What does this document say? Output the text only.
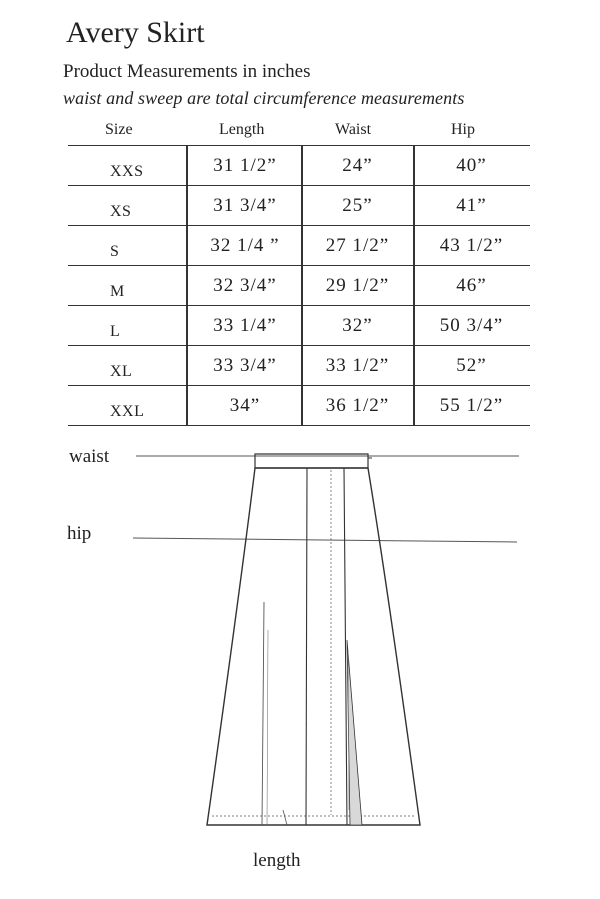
Avery Skirt
Product Measurements in inches
waist and sweep are total circumference measurements
Size	Length	Waist	Hip
XXS	31 1/2”	24”	40”
XS	31 3/4”	25”	41”
S	32 1/4 ”	27 1/2”	43 1/2”
M	32 3/4”	29 1/2”	46”
L	33 1/4”	32”	50 3/4”
XL	33 3/4”	33 1/2”	52”
XXL	34”	36 1/2”	55 1/2”
waist
hip
length
